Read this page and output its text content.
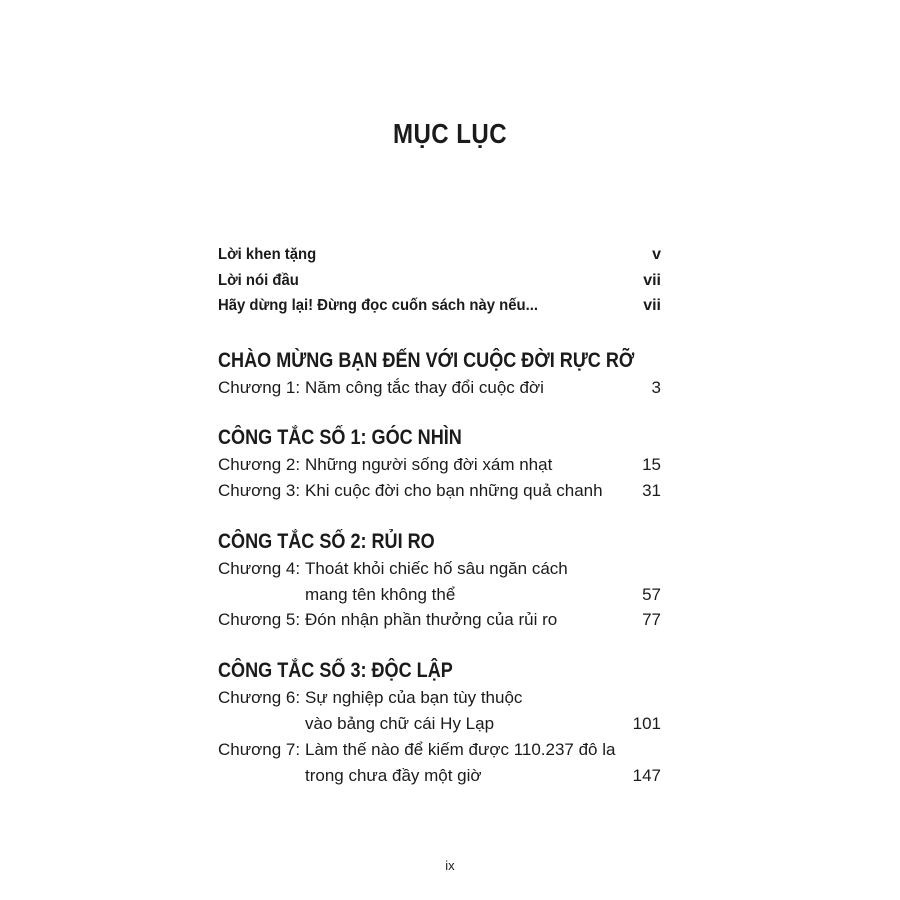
MỤC LỤC
Lời khen tặng	v
Lời nói đầu	vii
Hãy dừng lại! Đừng đọc cuốn sách này nếu...	vii
CHÀO MỪNG BẠN ĐẾN VỚI CUỘC ĐỜI RỰC RỠ
Chương 1: Năm công tắc thay đổi cuộc đời	3
CÔNG TẮC SỐ 1: GÓC NHÌN
Chương 2: Những người sống đời xám nhạt	15
Chương 3: Khi cuộc đời cho bạn những quả chanh	31
CÔNG TẮC SỐ 2: RỦI RO
Chương 4: Thoát khỏi chiếc hố sâu ngăn cách
mang tên không thể	57
Chương 5: Đón nhận phần thưởng của rủi ro	77
CÔNG TẮC SỐ 3: ĐỘC LẬP
Chương 6: Sự nghiệp của bạn tùy thuộc
vào bảng chữ cái Hy Lạp	101
Chương 7: Làm thế nào để kiếm được 110.237 đô la
trong chưa đầy một giờ	147
ix
